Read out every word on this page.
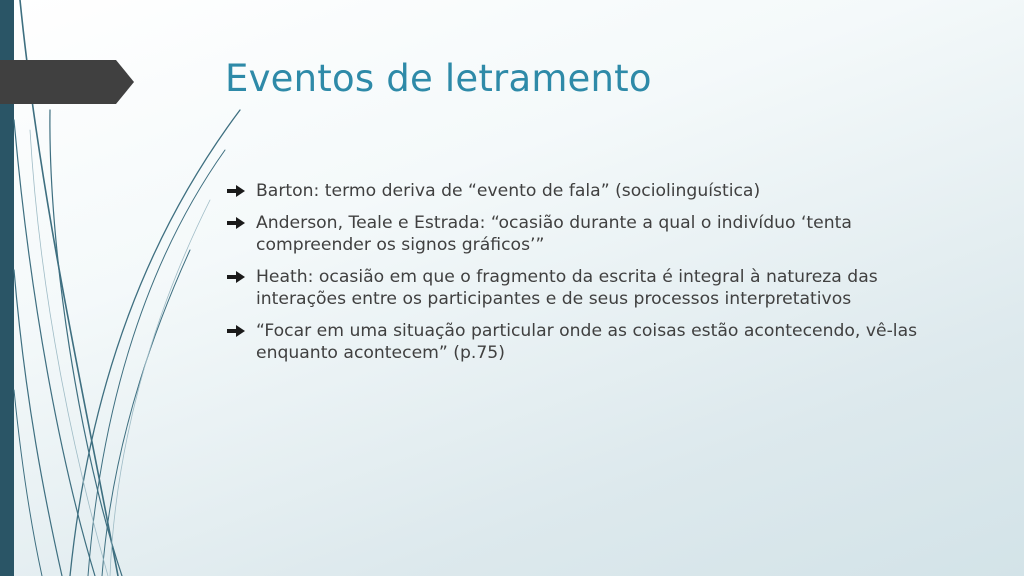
Eventos de letramento
Barton: termo deriva de “evento de fala” (sociolinguística)
Anderson, Teale e Estrada: “ocasião durante a qual o indivíduo ‘tenta compreender os signos gráficos’”
Heath: ocasião em que o fragmento da escrita é integral à natureza das interações entre os participantes e de seus processos interpretativos
“Focar em uma situação particular onde as coisas estão acontecendo, vê-las enquanto acontecem” (p.75)
